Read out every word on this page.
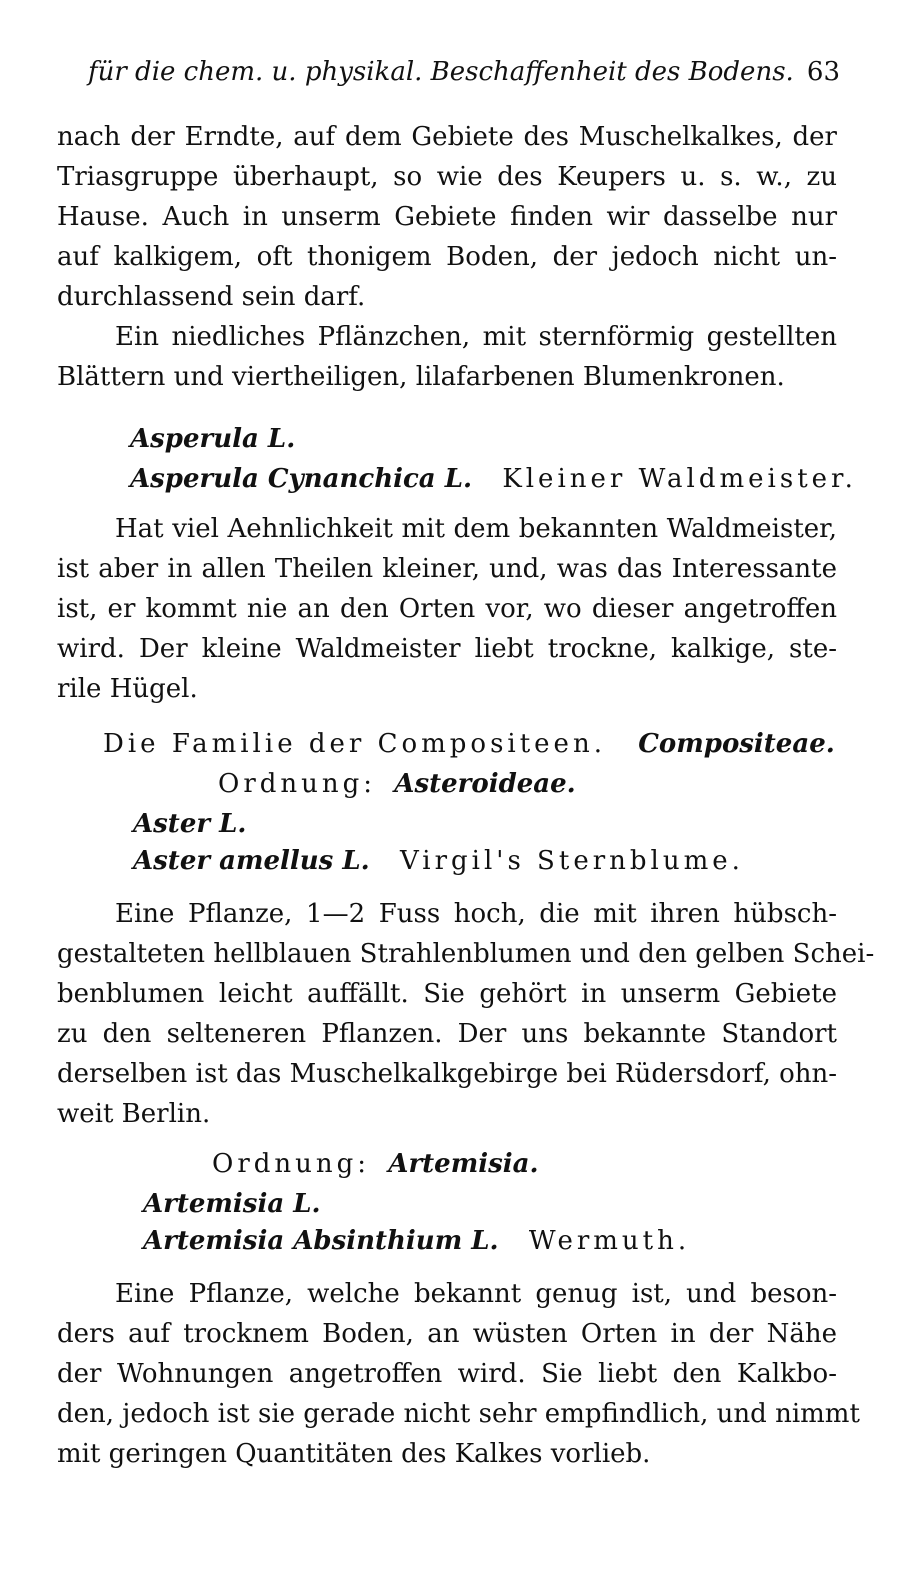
für die chem. u. physikal. Beschaffenheit des Bodens. 63
nach der Erndte, auf dem Gebiete des Muschelkalkes, der
Triasgruppe überhaupt, so wie des Keupers u. s. w., zu
Hause. Auch in unserm Gebiete finden wir dasselbe nur
auf kalkigem, oft thonigem Boden, der jedoch nicht un-
durchlassend sein darf.
Ein niedliches Pflänzchen, mit sternförmig gestellten
Blättern und viertheiligen, lilafarbenen Blumenkronen.
Asperula L.
Asperula Cynanchica L. Kleiner Waldmeister.
Hat viel Aehnlichkeit mit dem bekannten Waldmeister,
ist aber in allen Theilen kleiner, und, was das Interessante
ist, er kommt nie an den Orten vor, wo dieser angetroffen
wird. Der kleine Waldmeister liebt trockne, kalkige, ste-
rile Hügel.
Die Familie der Compositeen. Compositeae.
Ordnung: Asteroideae.
Aster L.
Aster amellus L. Virgil's Sternblume.
Eine Pflanze, 1—2 Fuss hoch, die mit ihren hübsch-
gestalteten hellblauen Strahlenblumen und den gelben Schei-
benblumen leicht auffällt. Sie gehört in unserm Gebiete
zu den selteneren Pflanzen. Der uns bekannte Standort
derselben ist das Muschelkalkgebirge bei Rüdersdorf, ohn-
weit Berlin.
Ordnung: Artemisia.
Artemisia L.
Artemisia Absinthium L. Wermuth.
Eine Pflanze, welche bekannt genug ist, und beson-
ders auf trocknem Boden, an wüsten Orten in der Nähe
der Wohnungen angetroffen wird. Sie liebt den Kalkbo-
den, jedoch ist sie gerade nicht sehr empfindlich, und nimmt
mit geringen Quantitäten des Kalkes vorlieb.
